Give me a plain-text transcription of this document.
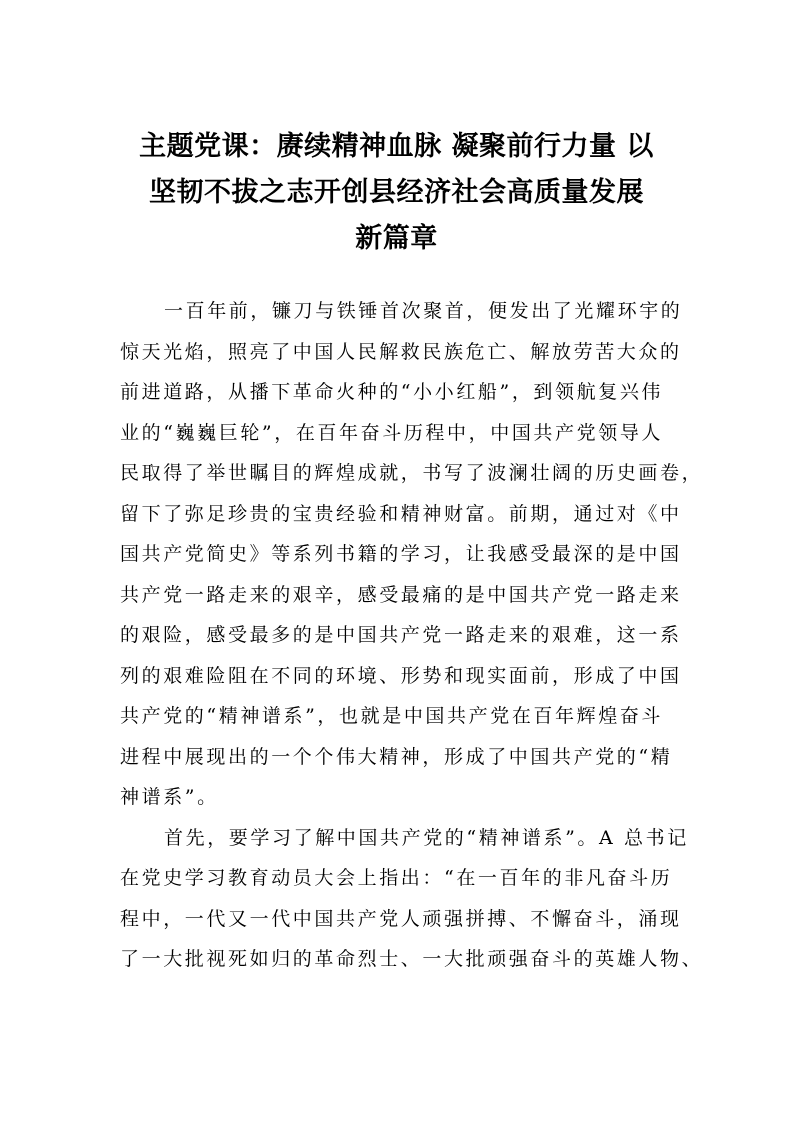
主题党课：赓续精神血脉 凝聚前行力量 以
坚韧不拔之志开创县经济社会高质量发展
新篇章
一百年前，镰刀与铁锤首次聚首，便发出了光耀环宇的
惊天光焰，照亮了中国人民解救民族危亡、解放劳苦大众的
前进道路，从播下革命火种的“小小红船”，到领航复兴伟
业的“巍巍巨轮”，在百年奋斗历程中，中国共产党领导人
民取得了举世瞩目的辉煌成就，书写了波澜壮阔的历史画卷，
留下了弥足珍贵的宝贵经验和精神财富。前期，通过对《中
国共产党简史》等系列书籍的学习，让我感受最深的是中国
共产党一路走来的艰辛，感受最痛的是中国共产党一路走来
的艰险，感受最多的是中国共产党一路走来的艰难，这一系
列的艰难险阻在不同的环境、形势和现实面前，形成了中国
共产党的“精神谱系”，也就是中国共产党在百年辉煌奋斗
进程中展现出的一个个伟大精神，形成了中国共产党的“精
神谱系”。
首先，要学习了解中国共产党的“精神谱系”。A 总书记
在党史学习教育动员大会上指出：“在一百年的非凡奋斗历
程中，一代又一代中国共产党人顽强拼搏、不懈奋斗，涌现
了一大批视死如归的革命烈士、一大批顽强奋斗的英雄人物、
